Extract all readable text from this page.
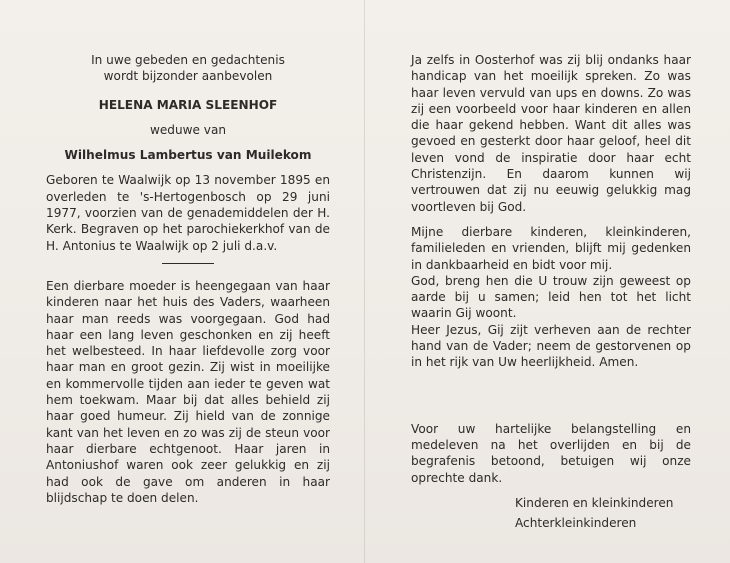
In uwe gebeden en gedachtenis

wordt bijzonder aanbevolen

HELENA MARIA SLEENHOF

weduwe van

Wilhelmus Lambertus van Muilekom

Geboren te Waalwijk op 13 november 1895 en overleden te 's-Hertogenbosch op 29 juni 1977, voorzien van de genademiddelen der H. Kerk. Begraven op het parochiekerkhof van de H. Antonius te Waalwijk op 2 juli d.a.v.

Een dierbare moeder is heengegaan van haar kinderen naar het huis des Vaders, waarheen haar man reeds was voorgegaan. God had haar een lang leven geschonken en zij heeft het welbesteed. In haar liefdevolle zorg voor haar man en groot gezin. Zij wist in moeilijke en kommervolle tijden aan ieder te geven wat hem toekwam. Maar bij dat alles behield zij haar goed humeur. Zij hield van de zonnige kant van het leven en zo was zij de steun voor haar dierbare echtgenoot. Haar jaren in Antoniushof waren ook zeer gelukkig en zij had ook de gave om anderen in haar blijdschap te doen delen.

Ja zelfs in Oosterhof was zij blij ondanks haar handicap van het moeilijk spreken. Zo was haar leven vervuld van ups en downs. Zo was zij een voorbeeld voor haar kinderen en allen die haar gekend hebben. Want dit alles was gevoed en gesterkt door haar geloof, heel dit leven vond de inspiratie door haar echt Christenzijn. En daarom kunnen wij vertrouwen dat zij nu eeuwig gelukkig mag voortleven bij God.

Mijne dierbare kinderen, kleinkinderen, familieleden en vrienden, blijft mij gedenken in dankbaarheid en bidt voor mij.

God, breng hen die U trouw zijn geweest op aarde bij u samen; leid hen tot het licht waarin Gij woont.

Heer Jezus, Gij zijt verheven aan de rechter hand van de Vader; neem de gestorvenen op in het rijk van Uw heerlijkheid. Amen.

Voor uw hartelijke belangstelling en medeleven na het overlijden en bij de begrafenis betoond, betuigen wij onze oprechte dank.

Kinderen en kleinkinderen

Achterkleinkinderen
